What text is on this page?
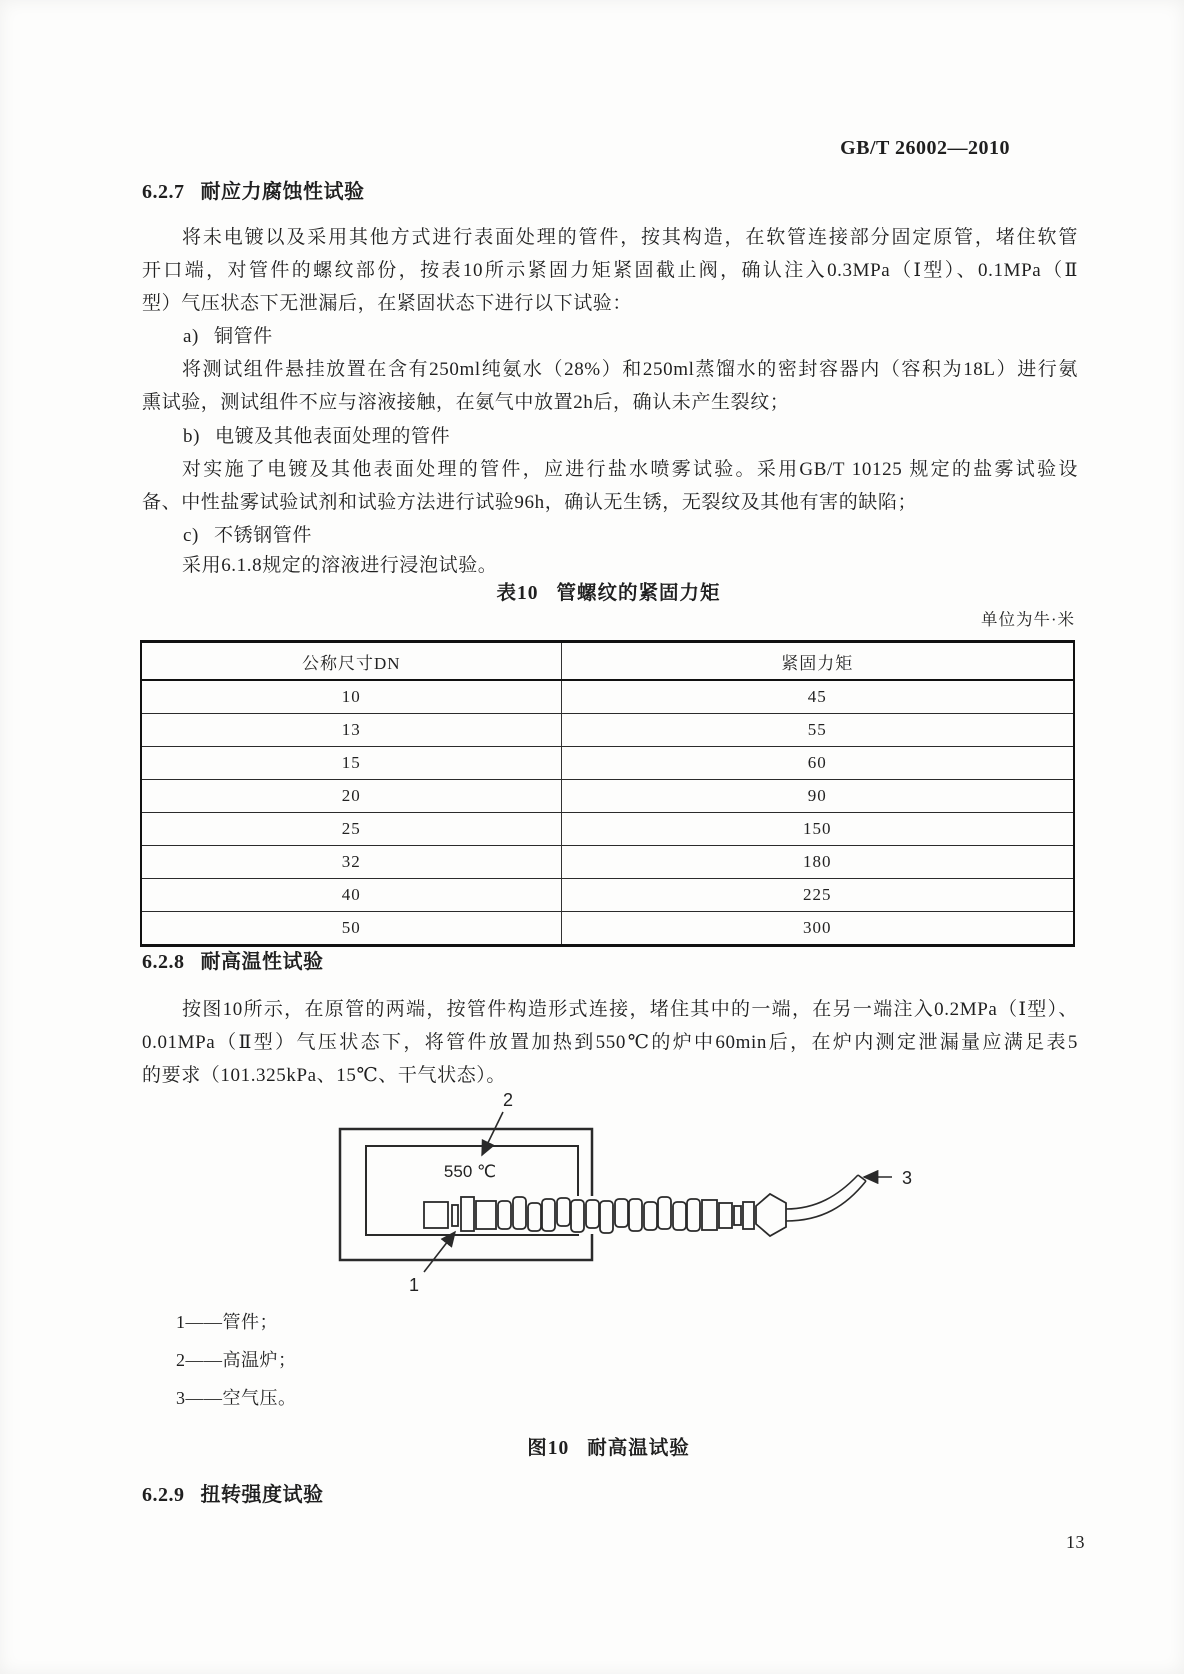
GB/T 26002—2010
6.2.7 耐应力腐蚀性试验
将未电镀以及采用其他方式进行表面处理的管件，按其构造，在软管连接部分固定原管，堵住软管
开口端，对管件的螺纹部份，按表10所示紧固力矩紧固截止阀，确认注入0.3MPa（Ⅰ型）、0.1MPa（Ⅱ
型）气压状态下无泄漏后，在紧固状态下进行以下试验：
a) 铜管件
将测试组件悬挂放置在含有250ml纯氨水（28%）和250ml蒸馏水的密封容器内（容积为18L）进行氨
熏试验，测试组件不应与溶液接触，在氨气中放置2h后，确认未产生裂纹；
b) 电镀及其他表面处理的管件
对实施了电镀及其他表面处理的管件，应进行盐水喷雾试验。采用GB/T 10125 规定的盐雾试验设
备、中性盐雾试验试剂和试验方法进行试验96h，确认无生锈，无裂纹及其他有害的缺陷；
c) 不锈钢管件
采用6.1.8规定的溶液进行浸泡试验。
表10 管螺纹的紧固力矩
单位为牛·米
公称尺寸DN	紧固力矩
10	45
13	55
15	60
20	90
25	150
32	180
40	225
50	300
6.2.8 耐高温性试验
按图10所示，在原管的两端，按管件构造形式连接，堵住其中的一端，在另一端注入0.2MPa（Ⅰ型）、
0.01MPa（Ⅱ型）气压状态下，将管件放置加热到550℃的炉中60min后，在炉内测定泄漏量应满足表5
的要求（101.325kPa、15℃、干气状态）。
550 ℃
2
3
1
1——管件；
2——高温炉；
3——空气压。
图10 耐高温试验
6.2.9 扭转强度试验
13
